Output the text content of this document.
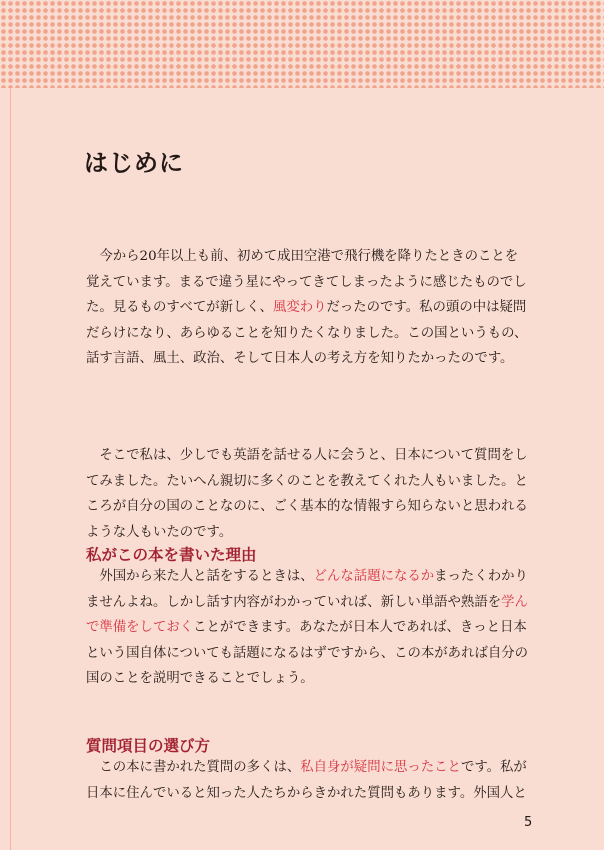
はじめに

　今から20年以上も前、初めて成田空港で飛行機を降りたときのことを
覚えています。まるで違う星にやってきてしまったように感じたものでし
た。見るものすべてが新しく、風変わりだったのです。私の頭の中は疑問
だらけになり、あらゆることを知りたくなりました。この国というもの、
話す言語、風土、政治、そして日本人の考え方を知りたかったのです。

　そこで私は、少しでも英語を話せる人に会うと、日本について質問をし
てみました。たいへん親切に多くのことを教えてくれた人もいました。と
ころが自分の国のことなのに、ごく基本的な情報すら知らないと思われる
ような人もいたのです。

私がこの本を書いた理由

　外国から来た人と話をするときは、どんな話題になるかまったくわかり
ませんよね。しかし話す内容がわかっていれば、新しい単語や熟語を学ん
で準備をしておくことができます。あなたが日本人であれば、きっと日本
という国自体についても話題になるはずですから、この本があれば自分の
国のことを説明できることでしょう。

質問項目の選び方

　この本に書かれた質問の多くは、私自身が疑問に思ったことです。私が
日本に住んでいると知った人たちからきかれた質問もあります。外国人と

5
